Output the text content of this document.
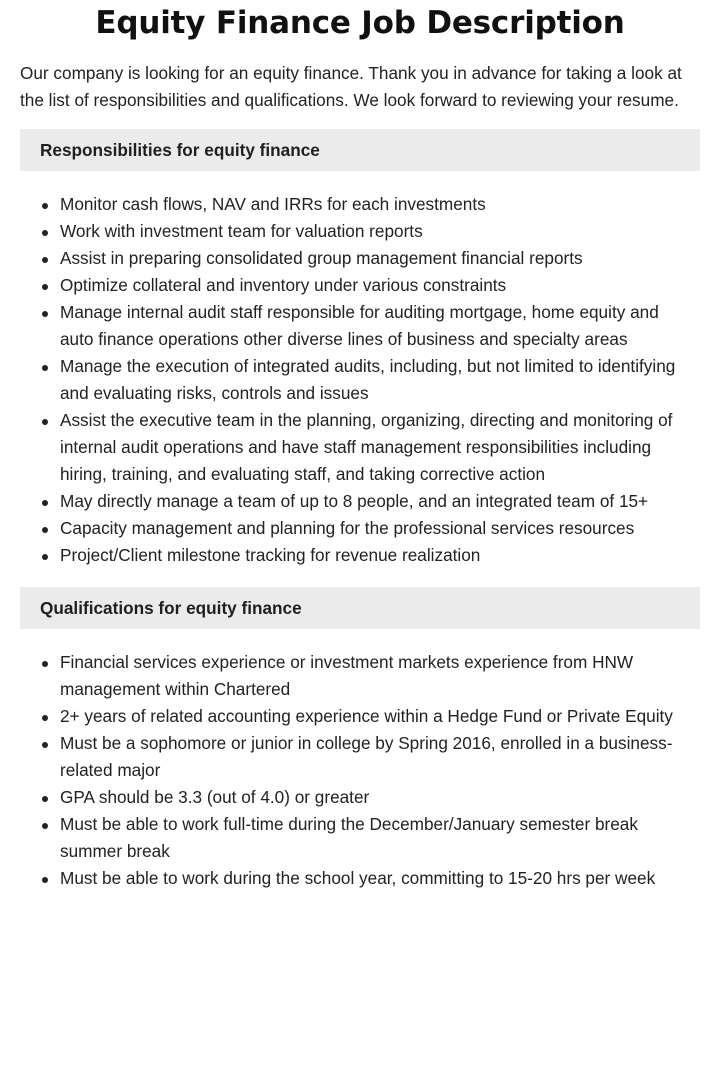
Equity Finance Job Description

Our company is looking for an equity finance. Thank you in advance for taking a look at the list of responsibilities and qualifications. We look forward to reviewing your resume.

Responsibilities for equity finance
Monitor cash flows, NAV and IRRs for each investments
Work with investment team for valuation reports
Assist in preparing consolidated group management financial reports
Optimize collateral and inventory under various constraints
Manage internal audit staff responsible for auditing mortgage, home equity and auto finance operations other diverse lines of business and specialty areas
Manage the execution of integrated audits, including, but not limited to identifying and evaluating risks, controls and issues
Assist the executive team in the planning, organizing, directing and monitoring of internal audit operations and have staff management responsibilities including hiring, training, and evaluating staff, and taking corrective action
May directly manage a team of up to 8 people, and an integrated team of 15+
Capacity management and planning for the professional services resources
Project/Client milestone tracking for revenue realization
Qualifications for equity finance
Financial services experience or investment markets experience from HNW management within Chartered
2+ years of related accounting experience within a Hedge Fund or Private Equity
Must be a sophomore or junior in college by Spring 2016, enrolled in a business-related major
GPA should be 3.3 (out of 4.0) or greater
Must be able to work full-time during the December/January semester break summer break
Must be able to work during the school year, committing to 15-20 hrs per week
